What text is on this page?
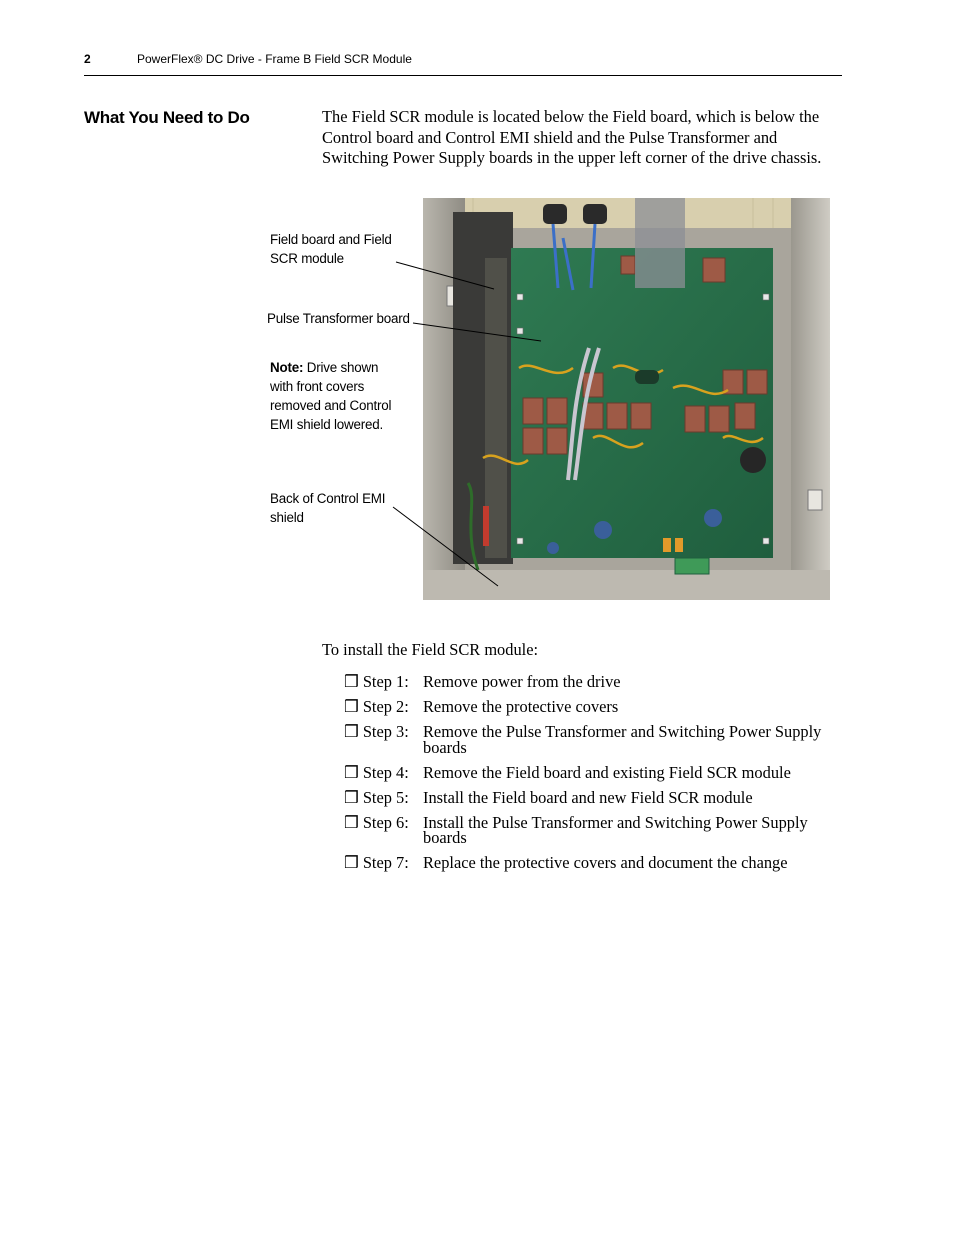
2	PowerFlex® DC Drive - Frame B Field SCR Module
What You Need to Do	The Field SCR module is located below the Field board, which is below the Control board and Control EMI shield and the Pulse Transformer and Switching Power Supply boards in the upper left corner of the drive chassis.
Field board and Field
SCR module
Pulse Transformer board
Note: Drive shown
with front covers
removed and Control
EMI shield lowered.
Back of Control EMI
shield
To install the Field SCR module:
❒ Step 1: Remove power from the drive
❒ Step 2: Remove the protective covers
❒ Step 3: Remove the Pulse Transformer and Switching Power Supply boards
❒ Step 4: Remove the Field board and existing Field SCR module
❒ Step 5: Install the Field board and new Field SCR module
❒ Step 6: Install the Pulse Transformer and Switching Power Supply boards
❒ Step 7: Replace the protective covers and document the change
